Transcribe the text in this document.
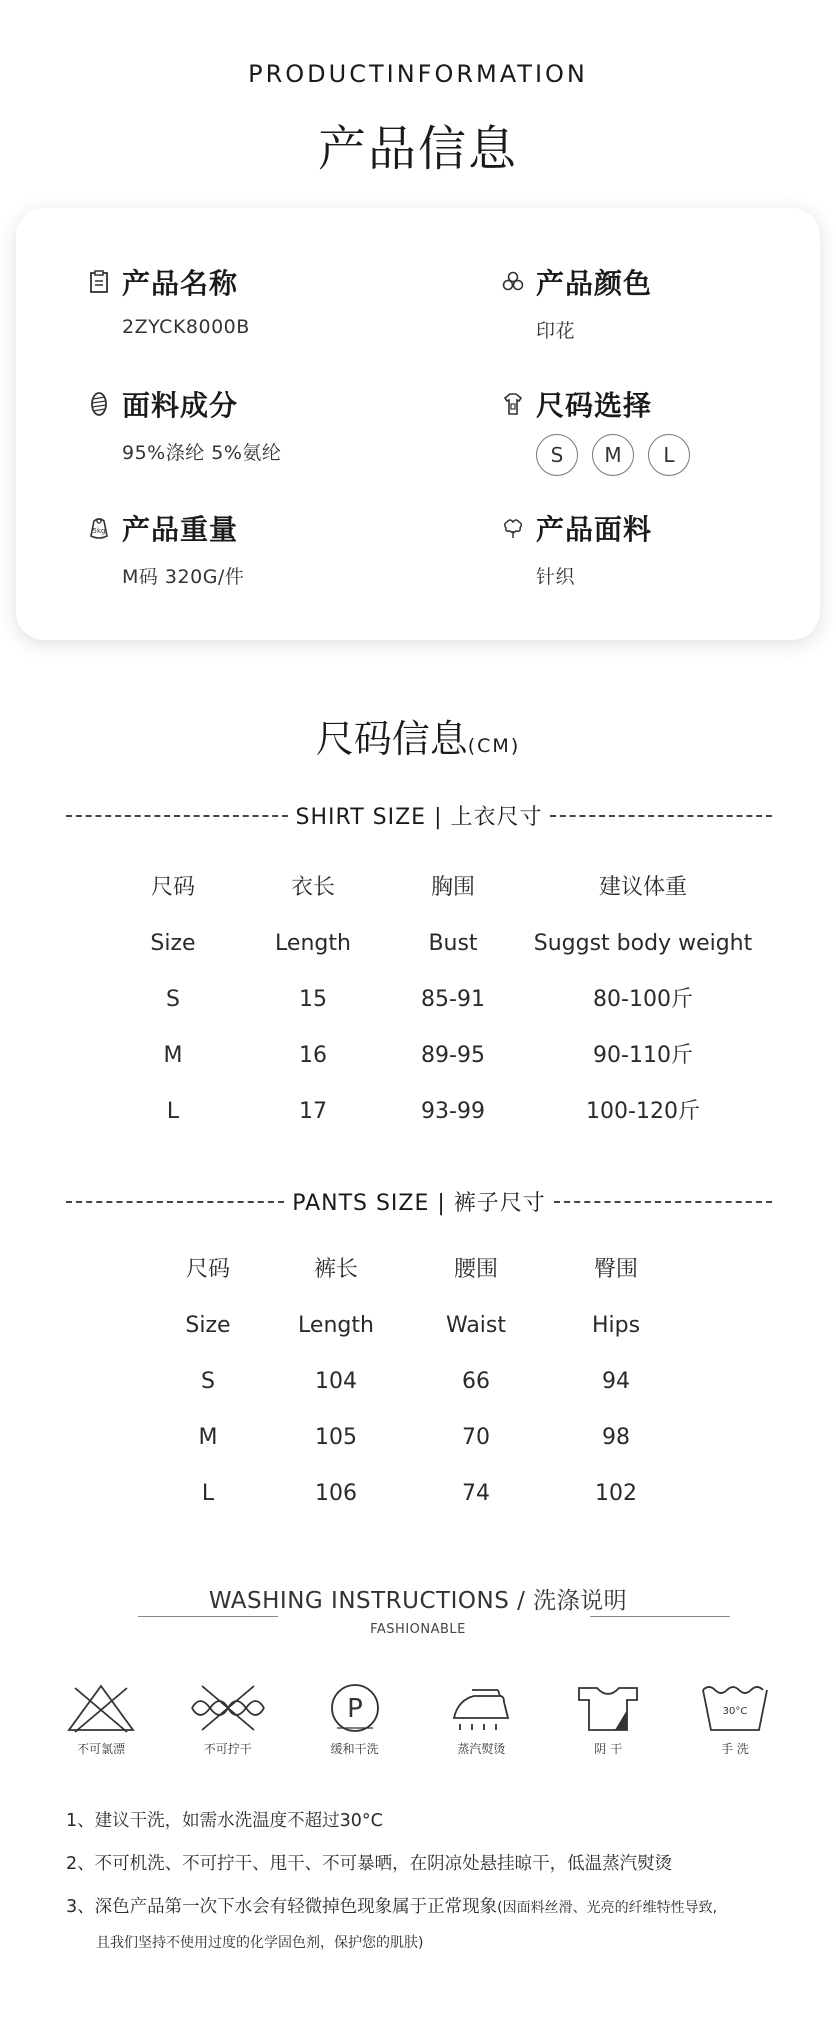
PRODUCTINFORMATION
产品信息
产品名称
2ZYCK8000B
产品颜色
印花
面料成分
95%涤纶 5%氨纶
尺码选择
S	M	L
5kg 产品重量
M码 320G/件
产品面料
针织
尺码信息(CM)
SHIRT SIZE | 上衣尺寸
尺码	衣长	胸围	建议体重
Size	Length	Bust	Suggst body weight
S	15	85-91	80-100斤
M	16	89-95	90-110斤
L	17	93-99	100-120斤
PANTS SIZE | 裤子尺寸
尺码	裤长	腰围	臀围
Size	Length	Waist	Hips
S	104	66	94
M	105	70	98
L	106	74	102
WASHING INSTRUCTIONS / 洗涤说明
FASHIONABLE
不可氯漂	不可拧干
P
缓和干洗	蒸汽熨烫	阴 干
30°C
手 洗
1、建议干洗，如需水洗温度不超过30°C
2、不可机洗、不可拧干、甩干、不可暴晒，在阴凉处悬挂晾干，低温蒸汽熨烫
3、深色产品第一次下水会有轻微掉色现象属于正常现象(因面料丝滑、光亮的纤维特性导致,
且我们坚持不使用过度的化学固色剂，保护您的肌肤)
